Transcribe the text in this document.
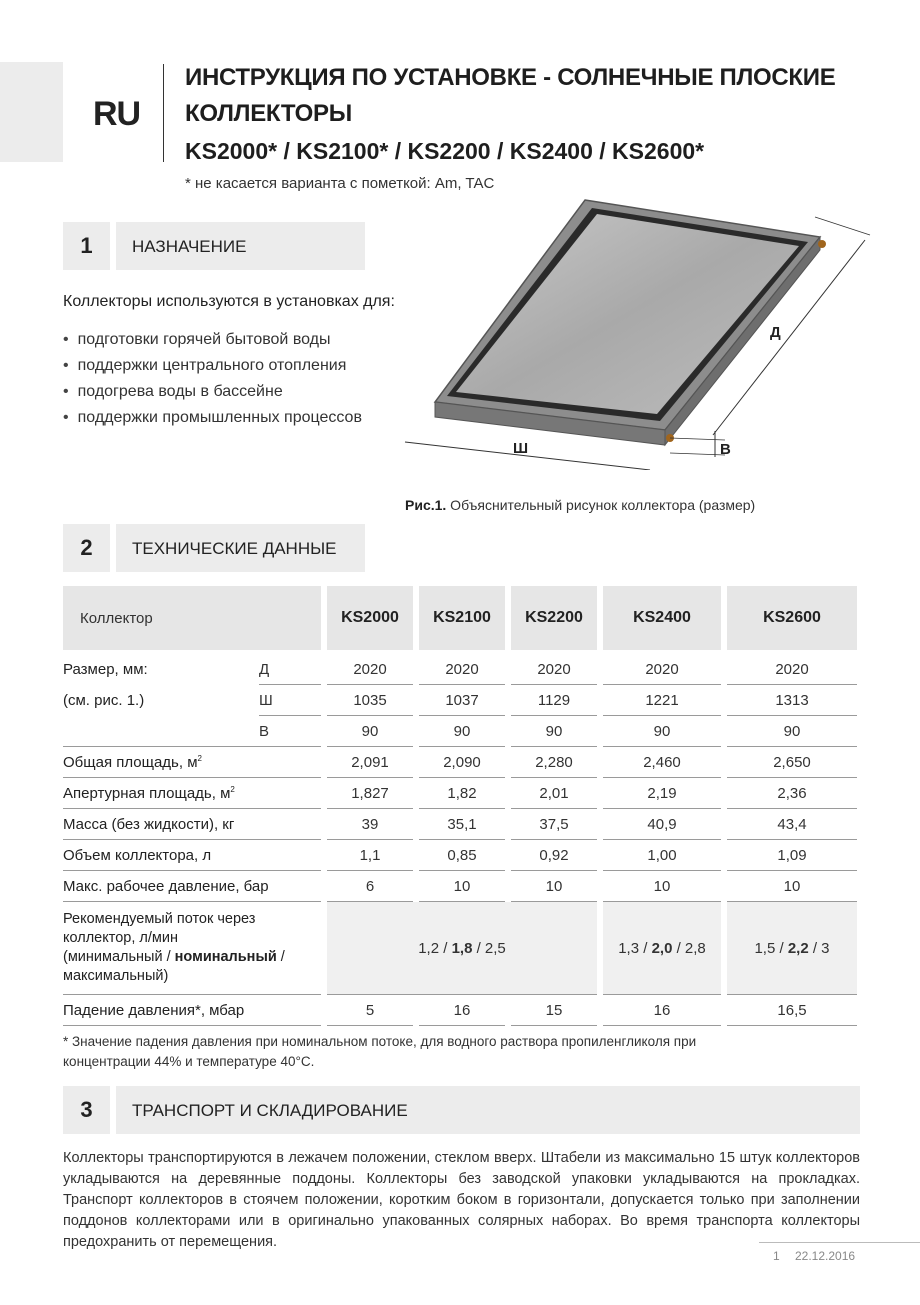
RU
ИНСТРУКЦИЯ ПО УСТАНОВКЕ - СОЛНЕЧНЫЕ ПЛОСКИЕ КОЛЛЕКТОРЫ
KS2000* / KS2100* / KS2200 / KS2400 / KS2600*
* не касается варианта с пометкой: Am, TAC
1	НАЗНАЧЕНИЕ
Коллекторы используются в установках для:
• подготовки горячей бытовой воды
• поддержки центрального отопления
• подогрева воды в бассейне
• поддержки промышленных процессов
Д
Ш	В
Рис.1. Объяснительный рисунок коллектора (размер)
2	ТЕХНИЧЕСКИЕ ДАННЫЕ
Коллектор			KS2000		KS2100		KS2200		KS2400		KS2600

Размер, мм:	Д		2020		2020		2020		2020		2020
(см. рис. 1.)	Ш		1035		1037		1129		1221		1313
	В		90		90		90		90		90
Общая площадь, $м^2$			2,091		2,090		2,280		2,460		2,650
Апертурная площадь, $м^2$			1,827		1,82		2,01		2,19		2,36
Масса (без жидкости), кг			39		35,1		37,5		40,9		43,4
Объем коллектора, л			1,1		0,85		0,92		1,00		1,09
Макс. рабочее давление, бар			6		10		10		10		10
Рекомендуемый поток через
коллектор, л/мин
(минимальный / номинальный /
максимальный)			1,2 / 1,8 / 2,5						1,3 / 2,0 / 2,8		1,5 / 2,2 / 3
Падение давления*, мбар			5		16		15		16		16,5
* Значение падения давления при номинальном потоке, для водного раствора пропиленгликоля при концентрации 44% и температуре 40°С.
3	ТРАНСПОРТ И СКЛАДИРОВАНИЕ
Коллекторы транспортируются в лежачем положении, стеклом вверх. Штабели из максимально 15 штук коллекторов укладываются на деревянные поддоны. Коллекторы без заводской упаковки укладываются на прокладках. Транспорт коллекторов в стоячем положении, коротким боком в горизонтали, допускается только при заполнении поддонов коллекторами или в оригинально упакованных солярных наборах. Во время транспорта коллекторы предохранить от перемещения.
1 22.12.2016
